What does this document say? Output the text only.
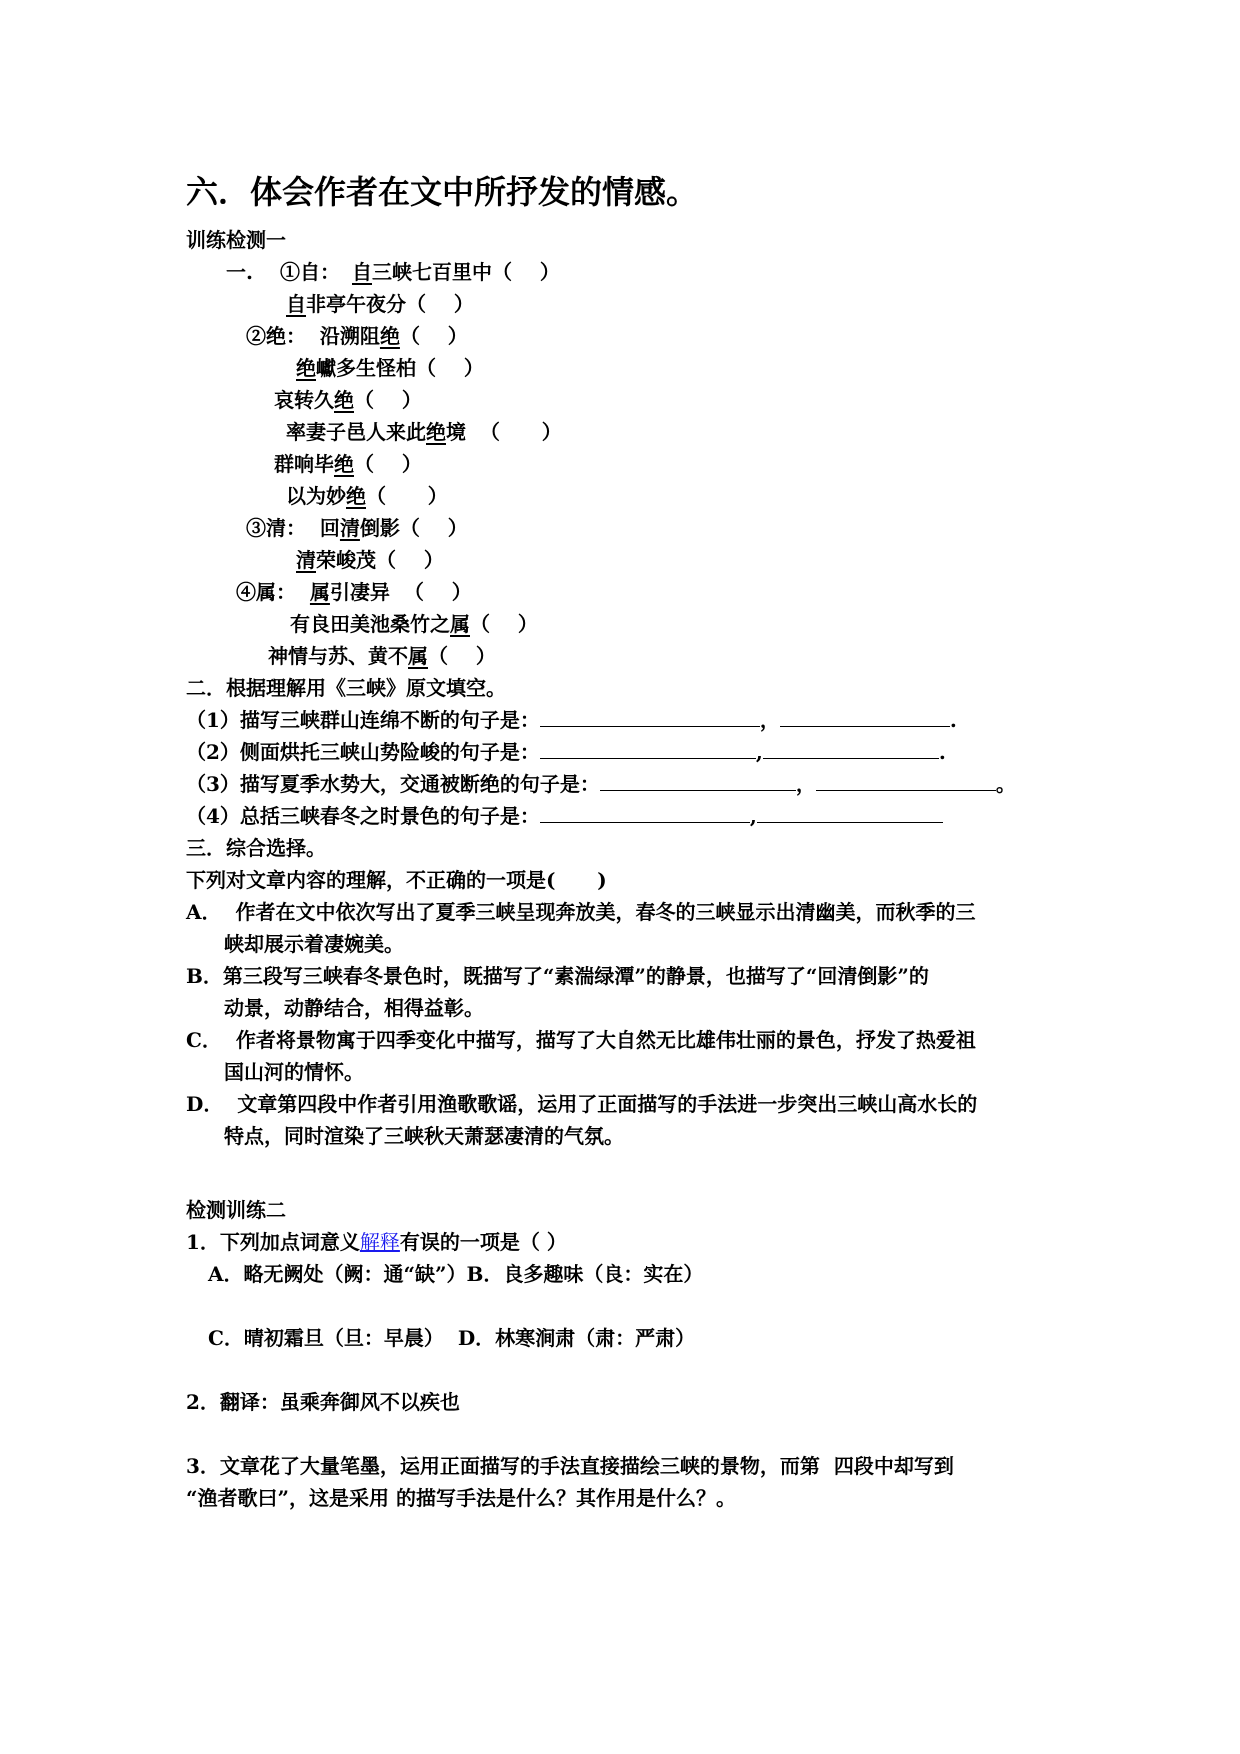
六．体会作者在文中所抒发的情感。
训练检测一
一. ①自： 自三峡七百里中（    ）
自非亭午夜分（    ）
②绝：  沿溯阻绝（    ）
绝巘多生怪柏（    ）
哀转久绝（    ）
率妻子邑人来此绝境  （      ）
群响毕绝（    ）
以为妙绝（      ）
③清：  回清倒影（    ）
清荣峻茂（    ）
④属：  属引凄异  （    ）
有良田美池桑竹之属（    ）
神情与苏、黄不属（    ）
二．根据理解用《三峡》原文填空。
（1）描写三峡群山连绵不断的句子是：	，	.
（2）侧面烘托三峡山势险峻的句子是：	,	.
（3）描写夏季水势大，交通被断绝的句子是：	，	。
（4）总括三峡春冬之时景色的句子是：	,
三．综合选择。
下列对文章内容的理解，不正确的一项是(      )
A．  作者在文中依次写出了夏季三峡呈现奔放美，春冬的三峡显示出清幽美，而秋季的三
峡却展示着凄婉美。
B．第三段写三峡春冬景色时，既描写了“素湍绿潭”的静景，也描写了“回清倒影”的
动景，动静结合，相得益彰。
C．  作者将景物寓于四季变化中描写，描写了大自然无比雄伟壮丽的景色，抒发了热爱祖
国山河的情怀。
D．  文章第四段中作者引用渔歌歌谣，运用了正面描写的手法进一步突出三峡山高水长的
特点，同时渲染了三峡秋天萧瑟凄清的气氛。
检测训练二
1．下列加点词意义解释有误的一项是（ ）
A．略无阙处（阙：通“缺”）B．良多趣味（良：实在）
C．晴初霜旦（旦：早晨）  D．林寒涧肃（肃：严肃）
2．翻译：虽乘奔御风不以疾也
3．文章花了大量笔墨，运用正面描写的手法直接描绘三峡的景物，而第  四段中却写到
“渔者歌曰”，这是采用 的描写手法是什么？其作用是什么？。
